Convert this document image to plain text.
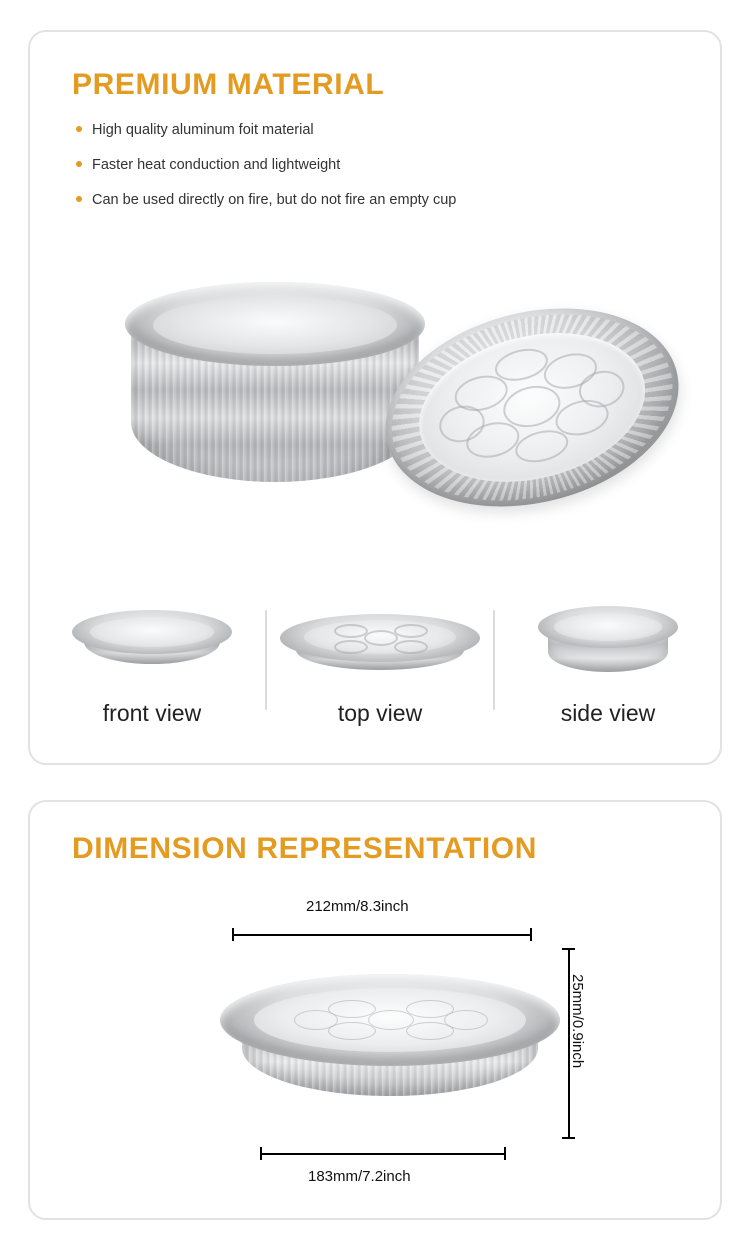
PREMIUM MATERIAL
High quality aluminum foit material
Faster heat conduction and lightweight
Can be used directly on fire, but do not fire an empty cup
front view	top view	side view
DIMENSION REPRESENTATION
212mm/8.3inch
25mm/0.9inch
183mm/7.2inch
